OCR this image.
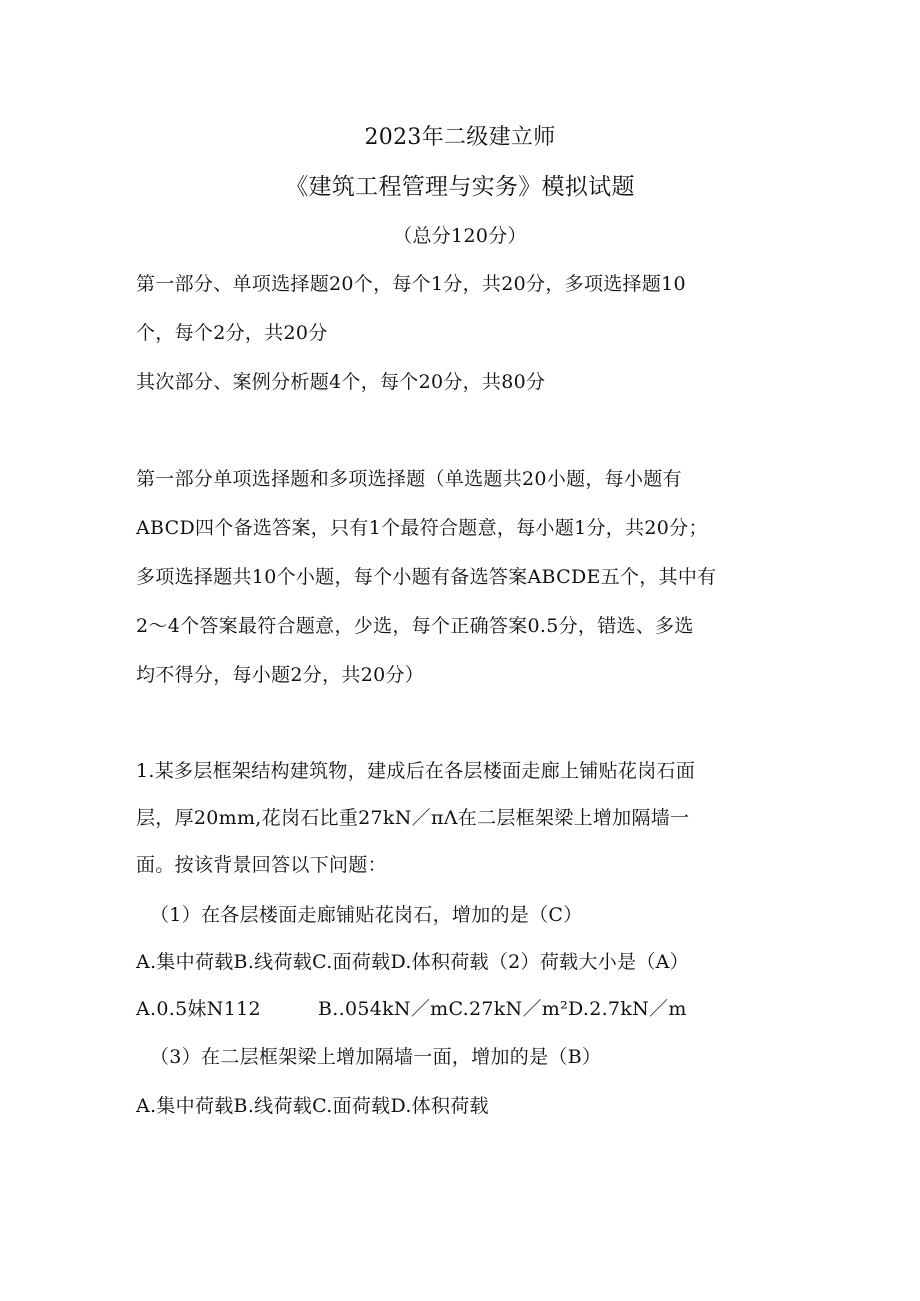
2023年二级建立师
《建筑工程管理与实务》模拟试题
（总分120分）
第一部分、单项选择题20个，每个1分，共20分，多项选择题10
个，每个2分，共20分
其次部分、案例分析题4个，每个20分，共80分
第一部分单项选择题和多项选择题（单选题共20小题，每小题有
ABCD四个备选答案，只有1个最符合题意，每小题1分，共20分；
多项选择题共10个小题，每个小题有备选答案ABCDE五个，其中有
2～4个答案最符合题意，少选，每个正确答案0.5分，错选、多选
均不得分，每小题2分，共20分）
1.某多层框架结构建筑物，建成后在各层楼面走廊上铺贴花岗石面
层，厚20mm,花岗石比重27kN／πΛ在二层框架梁上增加隔墙一
面。按该背景回答以下问题：
（1）在各层楼面走廊铺贴花岗石，增加的是（C）
A.集中荷载B.线荷载C.面荷载D.体积荷载（2）荷载大小是（A）
A.0.5妹N112	B..054kN／mC.27kN／m²D.2.7kN／m
（3）在二层框架梁上增加隔墙一面，增加的是（B）
A.集中荷载B.线荷载C.面荷载D.体积荷载
